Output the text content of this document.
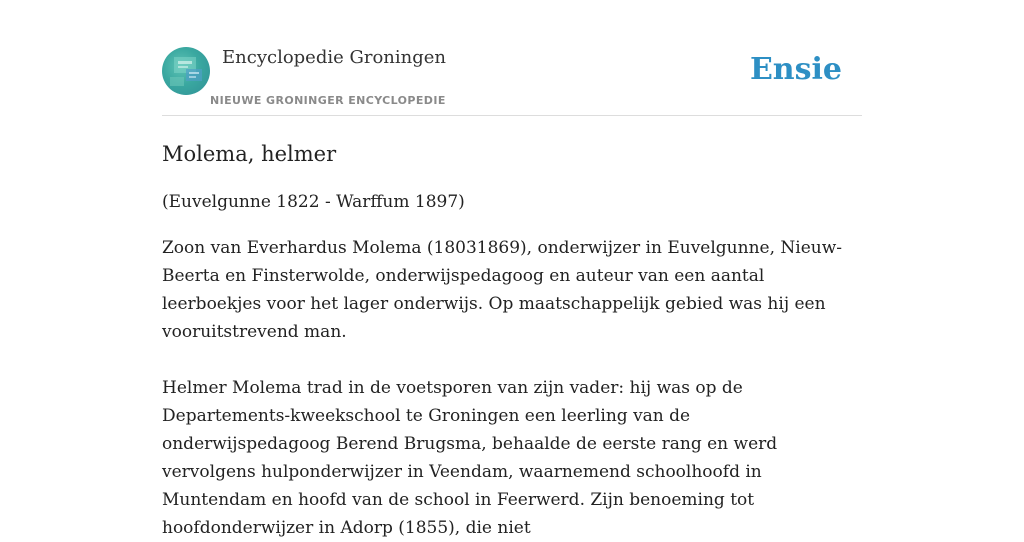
Encyclopedie Groningen
NIEUWE GRONINGER ENCYCLOPEDIE
Ensie
Molema, helmer

(Euvelgunne 1822 - Warffum 1897)

Zoon van Everhardus Molema (18031869), onderwijzer in Euvelgunne, Nieuw-Beerta en Finsterwolde, onderwijspedagoog en auteur van een aantal leerboekjes voor het lager onderwijs. Op maatschappelijk gebied was hij een vooruitstrevend man.

Helmer Molema trad in de voetsporen van zijn vader: hij was op de Departements-kweekschool te Groningen een leerling van de onderwijspedagoog Berend Brugsma, behaalde de eerste rang en werd vervolgens hulponderwijzer in Veendam, waarnemend schoolhoofd in Muntendam en hoofd van de school in Feerwerd. Zijn benoeming tot hoofdonderwijzer in Adorp (1855), die niet
